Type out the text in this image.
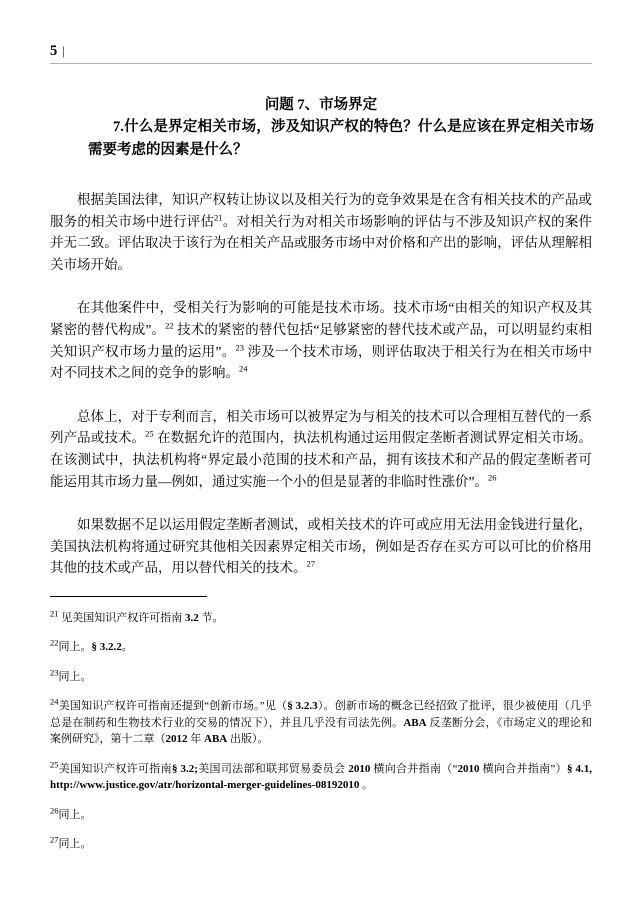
5 |
问题 7、市场界定
7.什么是界定相关市场，涉及知识产权的特色？什么是应该在界定相关市场需要考虑的因素是什么？

根据美国法律，知识产权转让协议以及相关行为的竞争效果是在含有相关技术的产品或服务的相关市场中进行评估$^{21}$。对相关行为对相关市场影响的评估与不涉及知识产权的案件并无二致。评估取决于该行为在相关产品或服务市场中对价格和产出的影响，评估从理解相关市场开始。

在其他案件中，受相关行为影响的可能是技术市场。技术市场“由相关的知识产权及其紧密的替代构成”。$^{22}$ 技术的紧密的替代包括“足够紧密的替代技术或产品，可以明显约束相关知识产权市场力量的运用”。$^{23}$ 涉及一个技术市场，则评估取决于相关行为在相关市场中对不同技术之间的竞争的影响。$^{24}$

总体上，对于专利而言，相关市场可以被界定为与相关的技术可以合理相互替代的一系列产品或技术。$^{25}$ 在数据允许的范围内，执法机构通过运用假定垄断者测试界定相关市场。在该测试中，执法机构将“界定最小范围的技术和产品，拥有该技术和产品的假定垄断者可能运用其市场力量—例如，通过实施一个小的但是显著的非临时性涨价”。$^{26}$

如果数据不足以运用假定垄断者测试，或相关技术的许可或应用无法用金钱进行量化，美国执法机构将通过研究其他相关因素界定相关市场，例如是否存在买方可以可比的价格用其他的技术或产品，用以替代相关的技术。$^{27}$

$^{21}$ 见美国知识产权许可指南 3.2 节。

$^{22}$同上。§ 3.2.2。

$^{23}$同上。

$^{24}$美国知识产权许可指南还提到“创新市场。”见（§ 3.2.3）。创新市场的概念已经招致了批评，很少被使用（几乎总是在制药和生物技术行业的交易的情况下），并且几乎没有司法先例。ABA 反垄断分会，《市场定义的理论和案例研究》，第十二章（2012 年 ABA 出版）。

$^{25}$美国知识产权许可指南§ 3.2;美国司法部和联邦贸易委员会 2010 横向合并指南（“2010 横向合并指南”）§ 4.1, http://www.justice.gov/atr/horizontal-merger-guidelines-08192010 。

$^{26}$同上。

$^{27}$同上。
